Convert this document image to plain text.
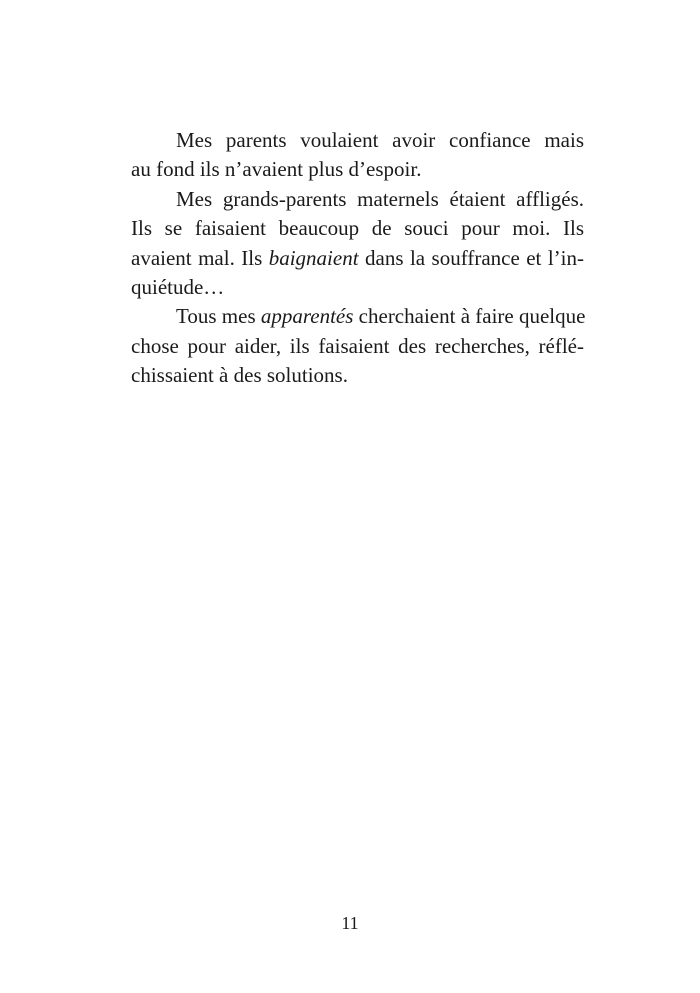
Mes parents voulaient avoir confiance mais
au fond ils n’avaient plus d’espoir.
Mes grands-parents maternels étaient affligés.
Ils se faisaient beaucoup de souci pour moi. Ils
avaient mal. Ils baignaient dans la souffrance et l’in-
quiétude…
Tous mes apparentés cherchaient à faire quelque
chose pour aider, ils faisaient des recherches, réflé-
chissaient à des solutions.
11
